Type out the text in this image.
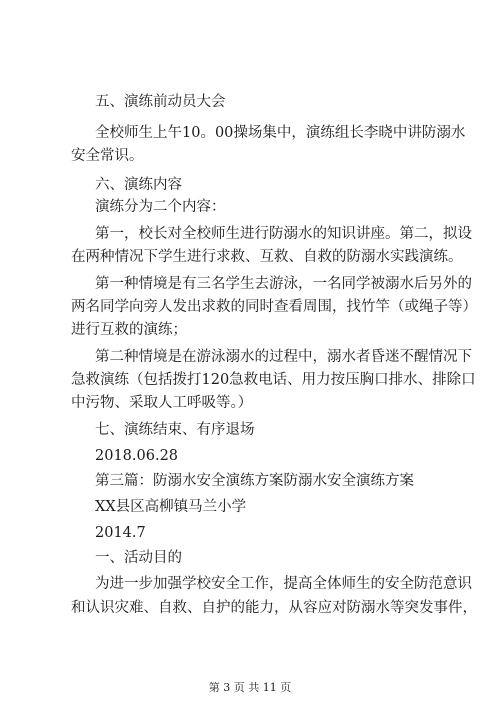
五、演练前动员大会
全校师生上午10。00操场集中，演练组长李晓中讲防溺水
安全常识。
六、演练内容
演练分为二个内容：
第一，校长对全校师生进行防溺水的知识讲座。第二，拟设
在两种情况下学生进行求救、互救、自救的防溺水实践演练。
第一种情境是有三名学生去游泳，一名同学被溺水后另外的
两名同学向旁人发出求救的同时查看周围，找竹竿（或绳子等）
进行互救的演练；
第二种情境是在游泳溺水的过程中，溺水者昏迷不醒情况下
急救演练（包括拨打120急救电话、用力按压胸口排水、排除口
中污物、采取人工呼吸等。）
七、演练结束、有序退场
2018.06.28
第三篇：防溺水安全演练方案防溺水安全演练方案
XX县区高柳镇马兰小学
2014.7
一、活动目的
为进一步加强学校安全工作，提高全体师生的安全防范意识
和认识灾难、自救、自护的能力，从容应对防溺水等突发事件，
第 3 页 共 11 页
